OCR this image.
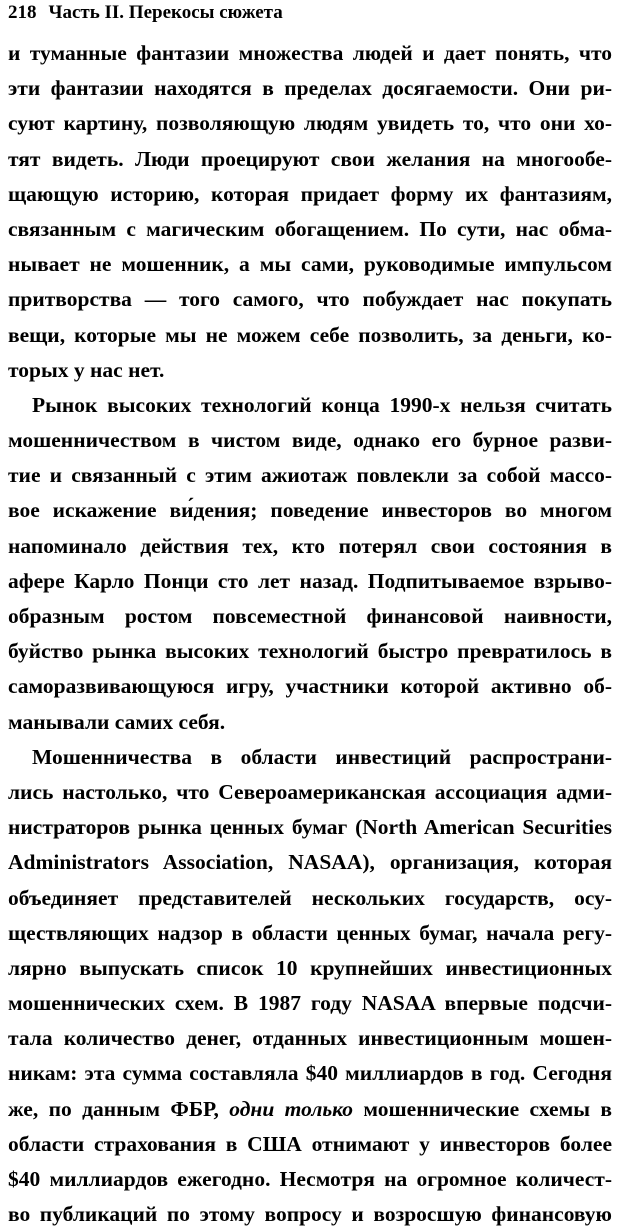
218 Часть II. Перекосы сюжета
и туманные фантазии множества людей и дает понять, что
эти фантазии находятся в пределах досягаемости. Они ри-
суют картину, позволяющую людям увидеть то, что они хо-
тят видеть. Люди проецируют свои желания на многообе-
щающую историю, которая придает форму их фантазиям,
связанным с магическим обогащением. По сути, нас обма-
нывает не мошенник, а мы сами, руководимые импульсом
притворства — того самого, что побуждает нас покупать
вещи, которые мы не можем себе позволить, за деньги, ко-
торых у нас нет.
Рынок высоких технологий конца 1990-х нельзя считать
мошенничеством в чистом виде, однако его бурное разви-
тие и связанный с этим ажиотаж повлекли за собой массо-
вое искажение ви́дения; поведение инвесторов во многом
напоминало действия тех, кто потерял свои состояния в
афере Карло Понци сто лет назад. Подпитываемое взрыво-
образным ростом повсеместной финансовой наивности,
буйство рынка высоких технологий быстро превратилось в
саморазвивающуюся игру, участники которой активно об-
манывали самих себя.
Мошенничества в области инвестиций распространи-
лись настолько, что Североамериканская ассоциация адми-
нистраторов рынка ценных бумаг (North American Securities
Administrators Association, NASAA), организация, которая
объединяет представителей нескольких государств, осу-
ществляющих надзор в области ценных бумаг, начала регу-
лярно выпускать список 10 крупнейших инвестиционных
мошеннических схем. В 1987 году NASAA впервые подсчи-
тала количество денег, отданных инвестиционным мошен-
никам: эта сумма составляла $40 миллиардов в год. Сегодня
же, по данным ФБР, одни только мошеннические схемы в
области страхования в США отнимают у инвесторов более
$40 миллиардов ежегодно. Несмотря на огромное количест-
во публикаций по этому вопросу и возросшую финансовую
